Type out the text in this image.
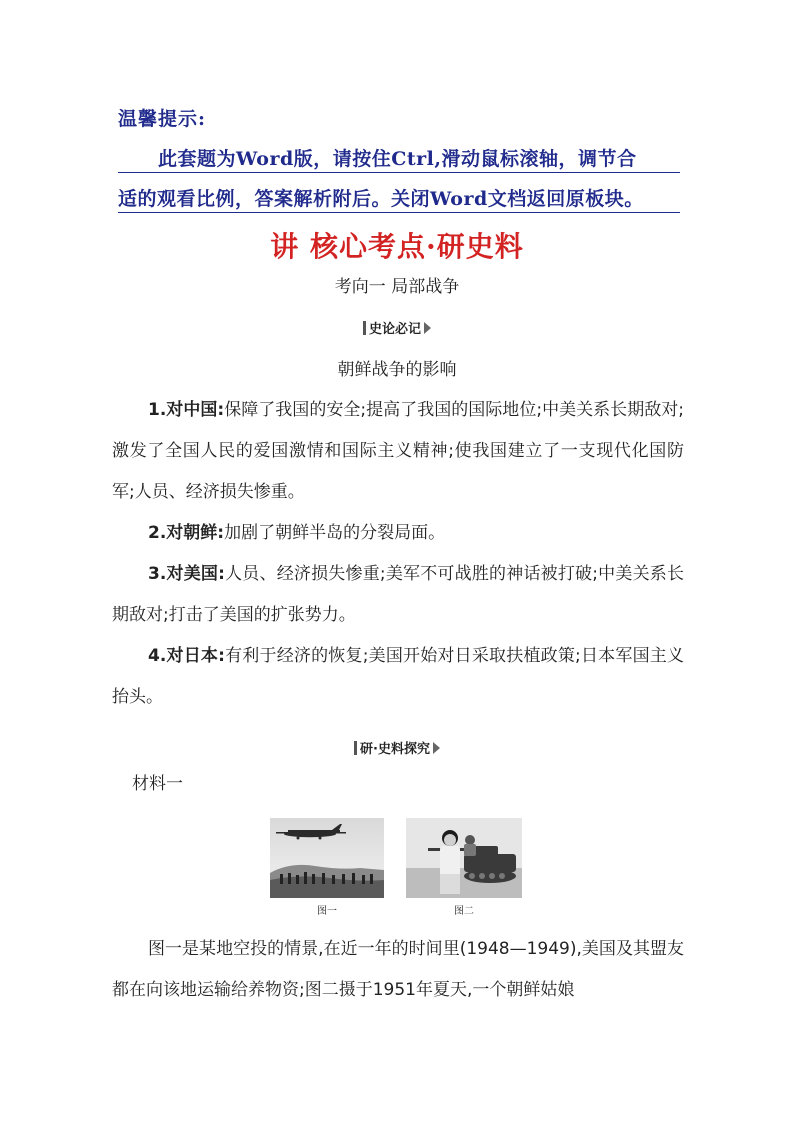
温馨提示:
此套题为Word版，请按住Ctrl,滑动鼠标滚轴，调节合
适的观看比例，答案解析附后。关闭Word文档返回原板块。
讲 核心考点·研史料
考向一 局部战争
史论必记
朝鲜战争的影响
1.对中国:保障了我国的安全;提高了我国的国际地位;中美关系长期敌对;激发了全国人民的爱国激情和国际主义精神;使我国建立了一支现代化国防军;人员、经济损失惨重。
2.对朝鲜:加剧了朝鲜半岛的分裂局面。
3.对美国:人员、经济损失惨重;美军不可战胜的神话被打破;中美关系长期敌对;打击了美国的扩张势力。
4.对日本:有利于经济的恢复;美国开始对日采取扶植政策;日本军国主义抬头。
研·史料探究
材料一
图一	图二
图一是某地空投的情景,在近一年的时间里(1948—1949),美国及其盟友都在向该地运输给养物资;图二摄于1951年夏天,一个朝鲜姑娘
